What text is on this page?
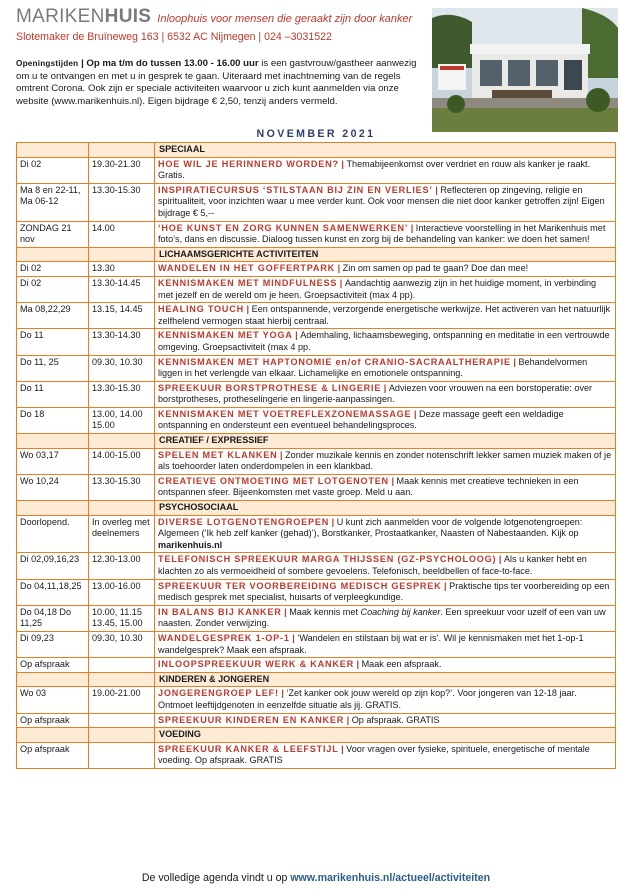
MARIKEN HUIS Inloophuis voor mensen die geraakt zijn door kanker
Slotemaker de Bruïneweg 163 | 6532 AC Nijmegen | 024 –3031522
Openingstijden | Op ma t/m do tussen 13.00 - 16.00 uur is een gastvrouw/gastheer aanwezig om u te ontvangen en met u in gesprek te gaan. Uiteraard met inachtneming van de regels omtrent Corona. Ook zijn er speciale activiteiten waarvoor u zich kunt aanmelden via onze website (www.marikenhuis.nl). Eigen bijdrage € 2,50, tenzij anders vermeld.
NOVEMBER 2021
		SPECIAAL
Di 02	19.30-21.30	HOE WIL JE HERINNERD WORDEN? | Themabijeenkomst over verdriet en rouw als kanker je raakt. Gratis.
Ma 8 en 22-11, Ma 06-12	13.30-15.30	INSPIRATIECURSUS ‘STILSTAAN BIJ ZIN EN VERLIES’ | Reflecteren op zingeving, religie en spiritualiteit, voor inzichten waar u mee verder kunt. Ook voor mensen die niet door kanker getroffen zijn! Eigen bijdrage € 5,--
ZONDAG 21 nov	14.00	‘HOE KUNST EN ZORG KUNNEN SAMENWERKEN’ | Interactieve voorstelling in het Marikenhuis met foto’s, dans en discussie. Dialoog tussen kunst en zorg bij de behandeling van kanker: we doen het samen!
		LICHAAMSGERICHTE ACTIVITEITEN
Di 02	13.30	WANDELEN IN HET GOFFERTPARK | Zin om samen op pad te gaan? Doe dan mee!
Di 02	13.30-14.45	KENNISMAKEN MET MINDFULNESS | Aandachtig aanwezig zijn in het huidige moment, in verbinding met jezelf en de wereld om je heen. Groepsactiviteit (max 4 pp).
Ma 08,22,29	13.15, 14.45	HEALING TOUCH | Een ontspannende, verzorgende energetische werkwijze. Het activeren van het natuurlijk zelfhelend vermogen staat hierbij centraal.
Do 11	13.30-14.30	KENNISMAKEN MET YOGA | Ademhaling, lichaamsbeweging, ontspanning en meditatie in een vertrouwde omgeving. Groepsactiviteit (max 4 pp.
Do 11, 25	09.30, 10.30	KENNISMAKEN MET HAPTONOMIE en/of CRANIO-SACRAALTHERAPIE | Behandelvormen liggen in het verlengde van elkaar. Lichamelijke en emotionele ontspanning.
Do 11	13.30-15.30	SPREEKUUR BORSTPROTHESE & LINGERIE | Adviezen voor vrouwen na een borstoperatie: over borstprotheses, protheselingerie en lingerie-aanpassingen.
Do 18	13.00, 14.00 15.00	KENNISMAKEN MET VOETREFLEXZONEMASSAGE | Deze massage geeft een weldadige ontspanning en ondersteunt een eventueel behandelingsproces.
		CREATIEF / EXPRESSIEF
Wo 03,17	14.00-15.00	SPELEN MET KLANKEN | Zonder muzikale kennis en zonder notenschrift lekker samen muziek maken of je als toehoorder laten onderdompelen in een klankbad.
Wo 10,24	13.30-15.30	CREATIEVE ONTMOETING MET LOTGENOTEN | Maak kennis met creatieve technieken in een ontspannen sfeer. Bijeenkomsten met vaste groep. Meld u aan.
		PSYCHOSOCIAAL
Doorlopend.	In overleg met deelnemers	DIVERSE LOTGENOTENGROEPEN | U kunt zich aanmelden voor de volgende lotgenotengroepen: Algemeen (‘Ik heb zelf kanker (gehad)’), Borstkanker, Prostaatkanker, Naasten of Nabestaanden. Kijk op marikenhuis.nl
Di 02,09,16,23	12.30-13.00	TELEFONISCH SPREEKUUR MARGA THIJSSEN (GZ-PSYCHOLOOG) | Als u kanker hebt en klachten zo als vermoeidheid of sombere gevoelens. Telefonisch, beeldbellen of face-to-face.
Do 04,11,18,25	13.00-16.00	SPREEKUUR TER VOORBEREIDING MEDISCH GESPREK | Praktische tips ter voorbereiding op een medisch gesprek met specialist, huisarts of verpleegkundige.
Do 04,18 Do 11,25	10.00, 11.15 13.45, 15.00	IN BALANS BIJ KANKER | Maak kennis met Coaching bij kanker. Een spreekuur voor uzelf of een van uw naasten. Zonder verwijzing.
Di 09,23	09.30, 10.30	WANDELGESPREK 1-OP-1 | ‘Wandelen en stilstaan bij wat er is’. Wil je kennismaken met het 1-op-1 wandelgesprek? Maak een afspraak.
Op afspraak		INLOOPSPREEKUUR WERK & KANKER | Maak een afspraak.
		KINDEREN & JONGEREN
Wo 03	19.00-21.00	JONGERENGROEP LEF! | ‘Zet kanker ook jouw wereld op zijn kop?’. Voor jongeren van 12-18 jaar. Ontmoet leeftijdgenoten in eenzelfde situatie als jij. GRATIS.
Op afspraak		SPREEKUUR KINDEREN EN KANKER | Op afspraak. GRATIS
		VOEDING
Op afspraak		SPREEKUUR KANKER & LEEFSTIJL | Voor vragen over fysieke, spirituele, energetische of mentale voeding. Op afspraak. GRATIS
De volledige agenda vindt u op www.marikenhuis.nl/actueel/activiteiten
